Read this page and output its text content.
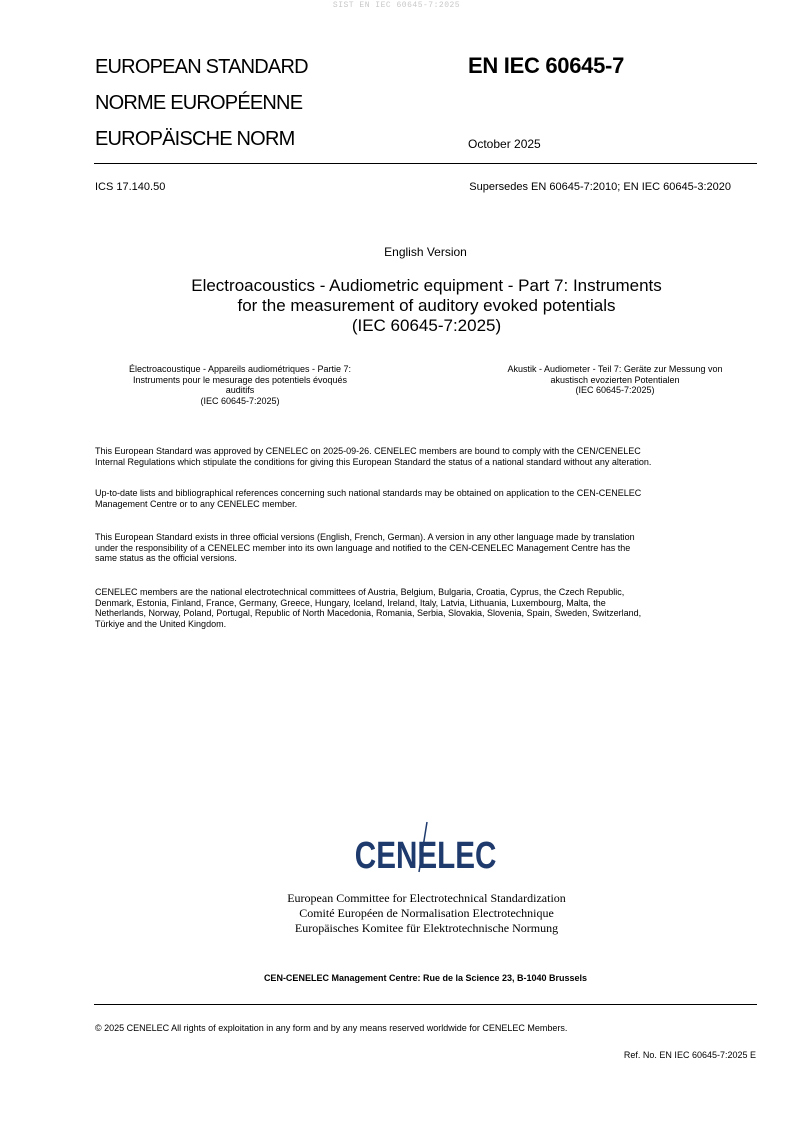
SIST EN IEC 60645-7:2025
EUROPEAN STANDARD
NORME EUROPÉENNE
EUROPÄISCHE NORM
EN IEC 60645-7
October 2025
ICS 17.140.50	Supersedes EN 60645-7:2010; EN IEC 60645-3:2020
English Version
Electroacoustics - Audiometric equipment - Part 7: Instruments
for the measurement of auditory evoked potentials
(IEC 60645-7:2025)
Électroacoustique - Appareils audiométriques - Partie 7:
Instruments pour le mesurage des potentiels évoqués
auditifs
(IEC 60645-7:2025)
Akustik - Audiometer - Teil 7: Geräte zur Messung von
akustisch evozierten Potentialen
(IEC 60645-7:2025)
This European Standard was approved by CENELEC on 2025-09-26. CENELEC members are bound to comply with the CEN/CENELEC
Internal Regulations which stipulate the conditions for giving this European Standard the status of a national standard without any alteration.
Up-to-date lists and bibliographical references concerning such national standards may be obtained on application to the CEN-CENELEC
Management Centre or to any CENELEC member.
This European Standard exists in three official versions (English, French, German). A version in any other language made by translation
under the responsibility of a CENELEC member into its own language and notified to the CEN-CENELEC Management Centre has the
same status as the official versions.
CENELEC members are the national electrotechnical committees of Austria, Belgium, Bulgaria, Croatia, Cyprus, the Czech Republic,
Denmark, Estonia, Finland, France, Germany, Greece, Hungary, Iceland, Ireland, Italy, Latvia, Lithuania, Luxembourg, Malta, the
Netherlands, Norway, Poland, Portugal, Republic of North Macedonia, Romania, Serbia, Slovakia, Slovenia, Spain, Sweden, Switzerland,
Türkiye and the United Kingdom.
CENELEC
European Committee for Electrotechnical Standardization
Comité Européen de Normalisation Electrotechnique
Europäisches Komitee für Elektrotechnische Normung
CEN-CENELEC Management Centre: Rue de la Science 23, B-1040 Brussels
© 2025 CENELEC All rights of exploitation in any form and by any means reserved worldwide for CENELEC Members.
Ref. No. EN IEC 60645-7:2025 E
